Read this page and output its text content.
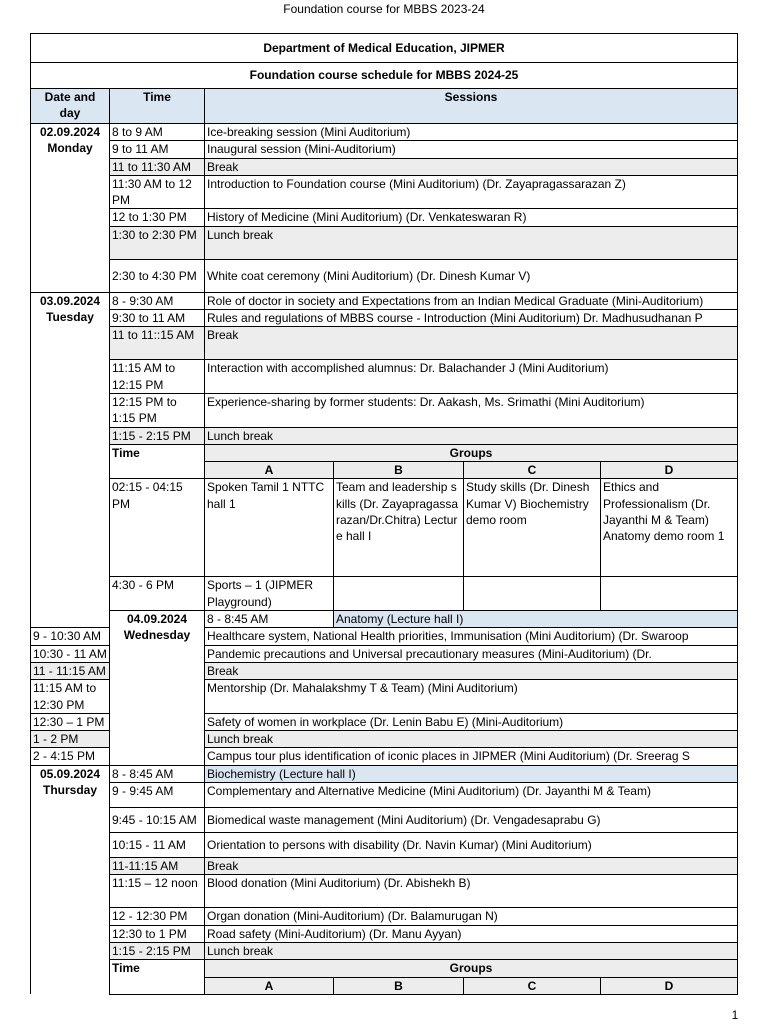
Foundation course for MBBS 2023-24
Department of Medical Education, JIPMER					
Foundation course schedule for MBBS 2024-25					
Date and day	Time	Sessions			

02.09.2024
Monday	8 to 9 AM	Ice-breaking session (Mini Auditorium)			
	9 to 11 AM	Inaugural session (Mini-Auditorium)			
	11 to 11:30 AM	Break			
	11:30 AM to 12 PM	Introduction to Foundation course (Mini Auditorium) (Dr. Zayapragassarazan Z)			
	12 to 1:30 PM	History of Medicine (Mini Auditorium) (Dr. Venkateswaran R)			
	1:30 to 2:30 PM	Lunch break			
	2:30 to 4:30 PM	White coat ceremony (Mini Auditorium) (Dr. Dinesh Kumar V)			

03.09.2024
Tuesday	8 - 9:30 AM	Role of doctor in society and Expectations from an Indian Medical Graduate (Mini-Auditorium)			
	9:30 to 11 AM	Rules and regulations of MBBS course - Introduction (Mini Auditorium) Dr. Madhusudhanan P			
	11 to 11::15 AM	Break			
	11:15 AM to 12:15 PM	Interaction with accomplished alumnus: Dr. Balachander J (Mini Auditorium)			
	12:15 PM to 1:15 PM	Experience-sharing by former students: Dr. Aakash, Ms. Srimathi (Mini Auditorium)			
	1:15 - 2:15 PM	Lunch break			
	Time	Groups			
		A	B	C	D
	02:15 - 04:15 PM	Spoken Tamil 1 NTTC hall 1	Team and leadership skills (Dr. Zayapragassarazan/Dr.Chitra) Lecture hall I	Study skills (Dr. Dinesh Kumar V) Biochemistry demo room	Ethics and Professionalism (Dr. Jayanthi M & Team) Anatomy demo room 1
	4:30 - 6 PM	Sports – 1 (JIPMER Playground)			

	04.09.2024
Wednesday	8 - 8:45 AM	Anatomy (Lecture hall I)		
9 - 10:30 AM		Healthcare system, National Health priorities, Immunisation (Mini Auditorium) (Dr. Swaroop			
10:30 - 11 AM		Pandemic precautions and Universal precautionary measures (Mini-Auditorium) (Dr.			
11 - 11:15 AM		Break			
11:15 AM to 12:30 PM		Mentorship (Dr. Mahalakshmy T & Team) (Mini Auditorium)			
12:30 – 1 PM		Safety of women in workplace (Dr. Lenin Babu E) (Mini-Auditorium)			
1 - 2 PM		Lunch break			
2 - 4:15 PM		Campus tour plus identification of iconic places in JIPMER (Mini Auditorium) (Dr. Sreerag S			

05.09.2024
Thursday	8 - 8:45 AM	Biochemistry (Lecture hall I)			
	9 - 9:45 AM	Complementary and Alternative Medicine (Mini Auditorium) (Dr. Jayanthi M & Team)			
	9:45 - 10:15 AM	Biomedical waste management (Mini Auditorium) (Dr. Vengadesaprabu G)			
	10:15 - 11 AM	Orientation to persons with disability (Dr. Navin Kumar) (Mini Auditorium)			
	11-11:15 AM	Break			
	11:15 – 12 noon	Blood donation (Mini Auditorium) (Dr. Abishekh B)			
	12 - 12:30 PM	Organ donation (Mini-Auditorium) (Dr. Balamurugan N)			
	12:30 to 1 PM	Road safety (Mini-Auditorium) (Dr. Manu Ayyan)			
	1:15 - 2:15 PM	Lunch break			
	Time	Groups			
		A	B	C	D
1
